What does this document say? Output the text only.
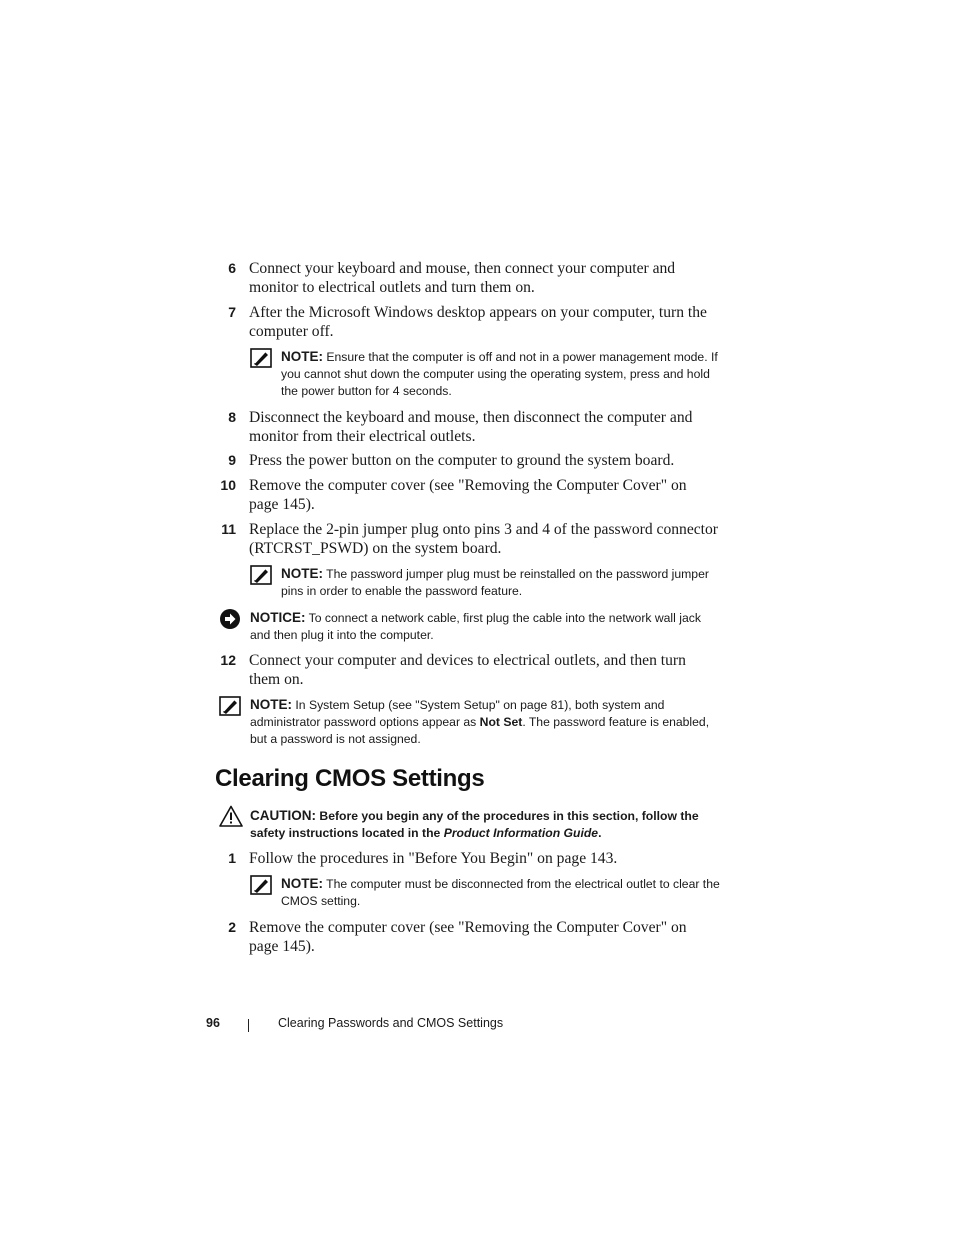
6 Connect your keyboard and mouse, then connect your computer and monitor to electrical outlets and turn them on.
7 After the Microsoft Windows desktop appears on your computer, turn the computer off.
NOTE: Ensure that the computer is off and not in a power management mode. If you cannot shut down the computer using the operating system, press and hold the power button for 4 seconds.
8 Disconnect the keyboard and mouse, then disconnect the computer and monitor from their electrical outlets.
9 Press the power button on the computer to ground the system board.
10 Remove the computer cover (see "Removing the Computer Cover" on page 145).
11 Replace the 2-pin jumper plug onto pins 3 and 4 of the password connector (RTCRST_PSWD) on the system board.
NOTE: The password jumper plug must be reinstalled on the password jumper pins in order to enable the password feature.
NOTICE: To connect a network cable, first plug the cable into the network wall jack and then plug it into the computer.
12 Connect your computer and devices to electrical outlets, and then turn them on.
NOTE: In System Setup (see "System Setup" on page 81), both system and administrator password options appear as Not Set. The password feature is enabled, but a password is not assigned.
Clearing CMOS Settings
CAUTION: Before you begin any of the procedures in this section, follow the safety instructions located in the Product Information Guide.
1 Follow the procedures in "Before You Begin" on page 143.
NOTE: The computer must be disconnected from the electrical outlet to clear the CMOS setting.
2 Remove the computer cover (see "Removing the Computer Cover" on page 145).
96	Clearing Passwords and CMOS Settings
